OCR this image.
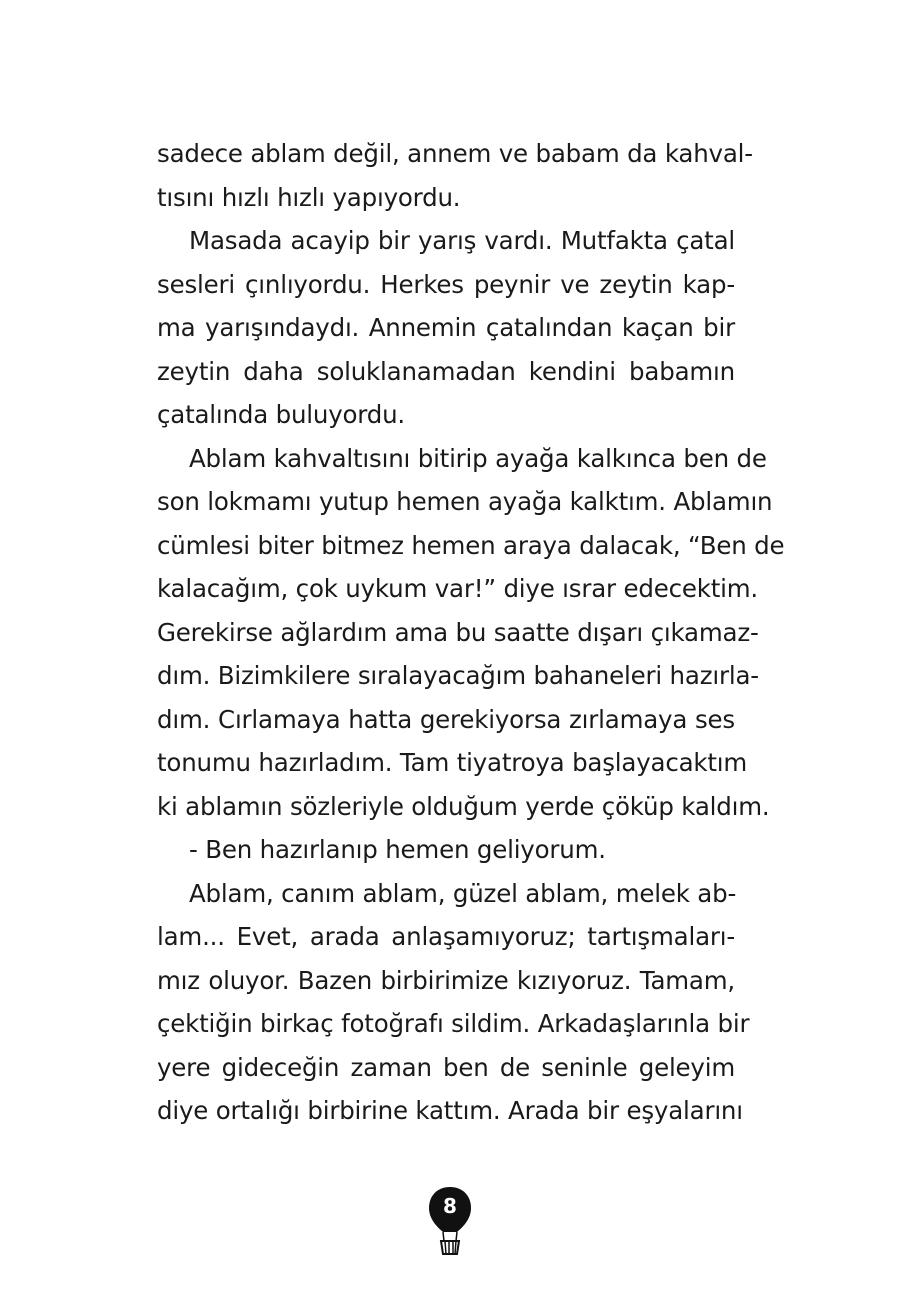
sadece ablam değil, annem ve babam da kahval-
tısını hızlı hızlı yapıyordu.
Masada acayip bir yarış vardı. Mutfakta çatal
sesleri çınlıyordu. Herkes peynir ve zeytin kap-
ma yarışındaydı. Annemin çatalından kaçan bir
zeytin daha soluklanamadan kendini babamın
çatalında buluyordu.
Ablam kahvaltısını bitirip ayağa kalkınca ben de
son lokmamı yutup hemen ayağa kalktım. Ablamın
cümlesi biter bitmez hemen araya dalacak, “Ben de
kalacağım, çok uykum var!” diye ısrar edecektim.
Gerekirse ağlardım ama bu saatte dışarı çıkamaz-
dım. Bizimkilere sıralayacağım bahaneleri hazırla-
dım. Cırlamaya hatta gerekiyorsa zırlamaya ses
tonumu hazırladım. Tam tiyatroya başlayacaktım
ki ablamın sözleriyle olduğum yerde çöküp kaldım.
- Ben hazırlanıp hemen geliyorum.
Ablam, canım ablam, güzel ablam, melek ab-
lam... Evet, arada anlaşamıyoruz; tartışmaları-
mız oluyor. Bazen birbirimize kızıyoruz. Tamam,
çektiğin birkaç fotoğrafı sildim. Arkadaşlarınla bir
yere gideceğin zaman ben de seninle geleyim
diye ortalığı birbirine kattım. Arada bir eşyalarını
8
